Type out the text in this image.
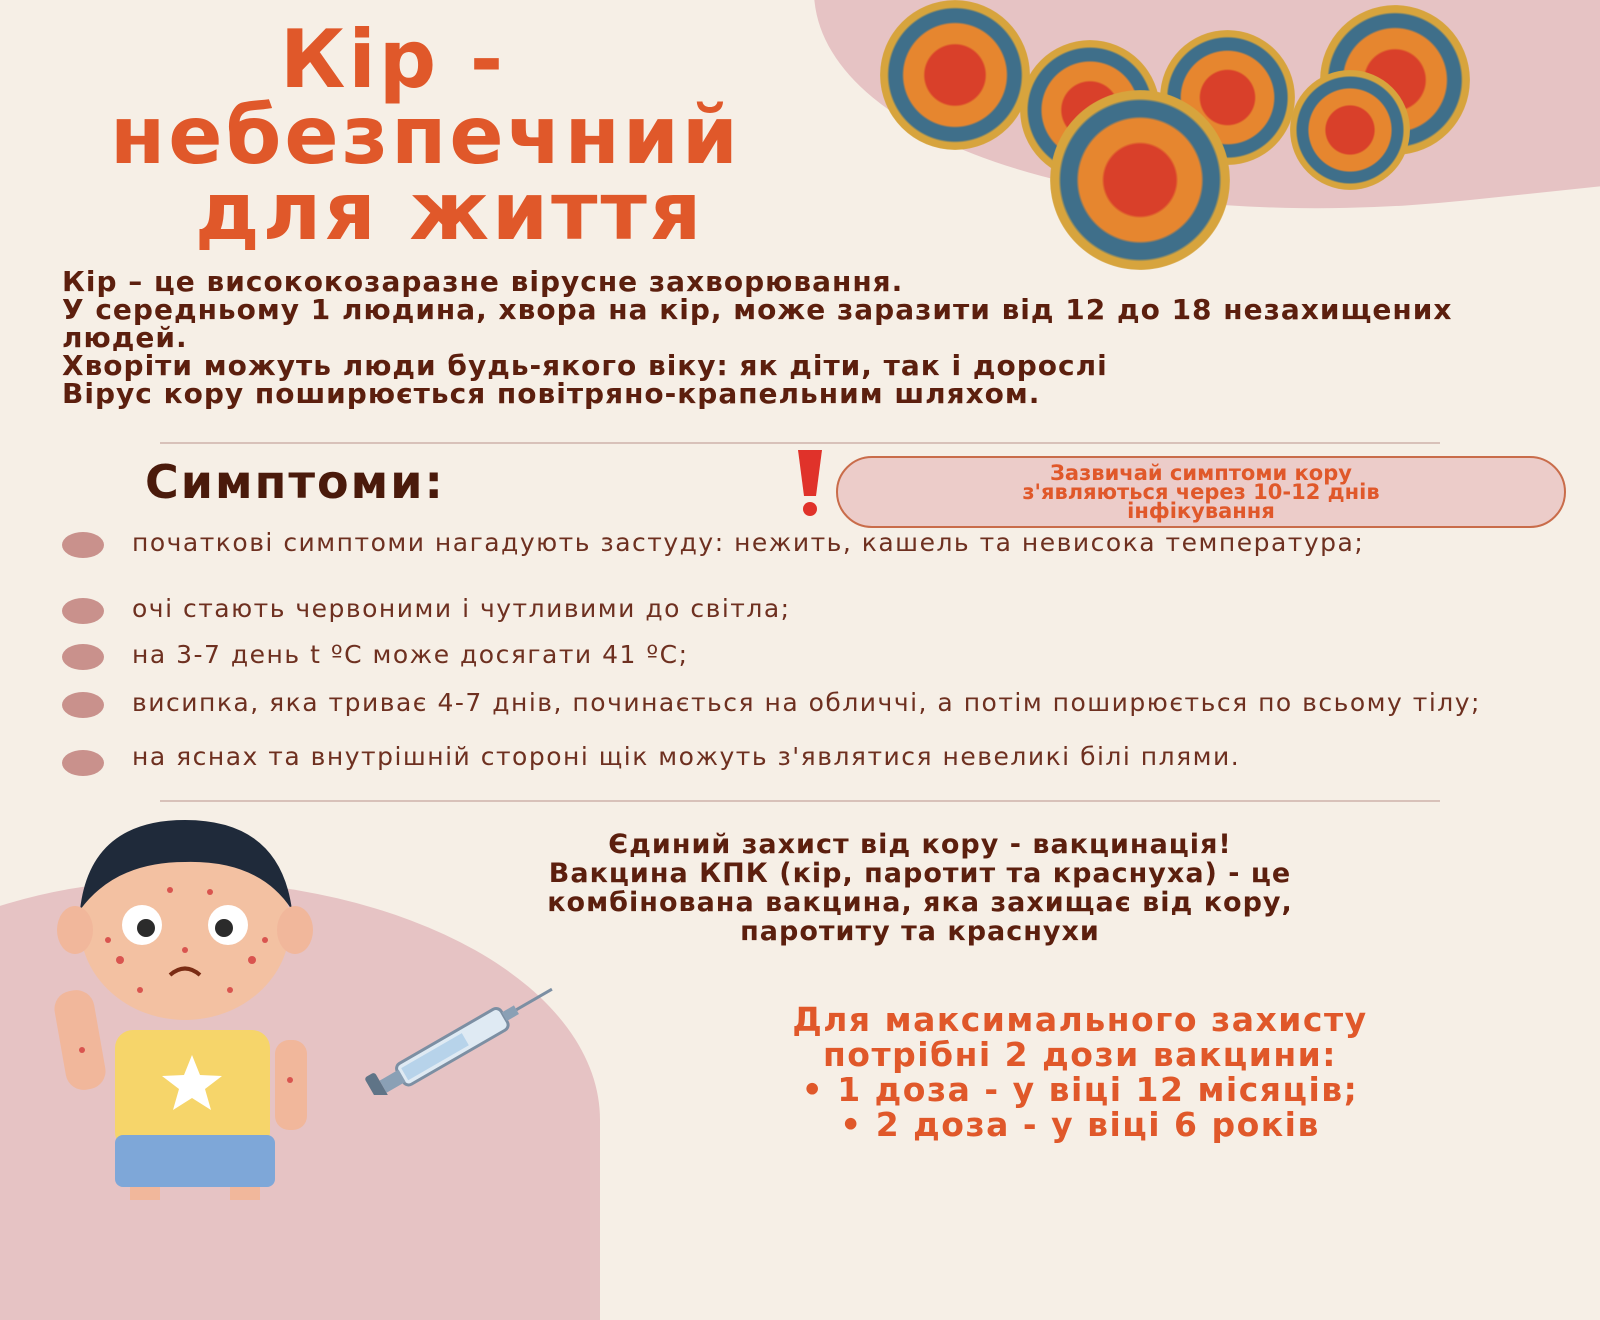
Кір -
небезпечний
для життя

Кір – це висококозаразне вірусне захворювання.

У середньому 1 людина, хвора на кір, може заразити від 12 до 18 незахищених людей.

Хворіти можуть люди будь-якого віку: як діти, так і дорослі

Вірус кору поширюється повітряно-крапельним шляхом.

Симптоми:	Зазвичай симптоми кору
з'являються через 10-12 днів
інфікування
початкові симптоми нагадують застуду: нежить, кашель та невисока температура;
очі стають червоними і чутливими до світла;
на 3-7 день t ºС може досягати 41 ºС;
висипка, яка триває 4-7 днів, починається на обличчі, а потім поширюється по всьому тілу;
на яснах та внутрішній стороні щік можуть з'являтися невеликі білі плями.
Єдиний захист від кору - вакцинація!
Вакцина КПК (кір, паротит та краснуха) - це
комбінована вакцина, яка захищає від кору,
паротиту та краснухи
Для максимального захисту
потрібні 2 дози вакцини:
• 1 доза - у віці 12 місяців;
• 2 доза - у віці 6 років
